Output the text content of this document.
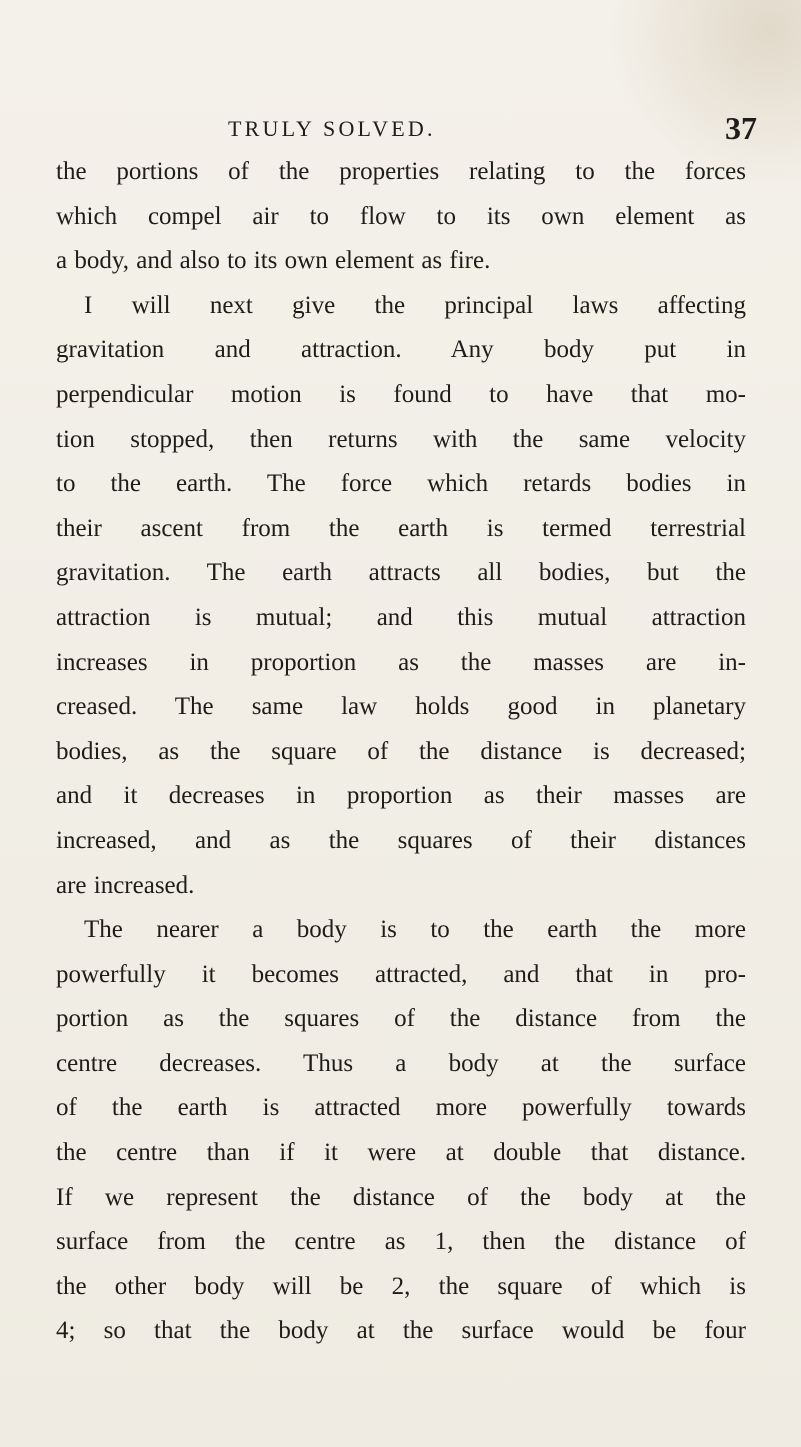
TRULY SOLVED.	37
the portions of the properties relating to the forces
which compel air to flow to its own element as
a body, and also to its own element as fire.
I will next give the principal laws affecting
gravitation and attraction. Any body put in
perpendicular motion is found to have that mo-
tion stopped, then returns with the same velocity
to the earth. The force which retards bodies in
their ascent from the earth is termed terrestrial
gravitation. The earth attracts all bodies, but the
attraction is mutual; and this mutual attraction
increases in proportion as the masses are in-
creased. The same law holds good in planetary
bodies, as the square of the distance is decreased;
and it decreases in proportion as their masses are
increased, and as the squares of their distances
are increased.
The nearer a body is to the earth the more
powerfully it becomes attracted, and that in pro-
portion as the squares of the distance from the
centre decreases. Thus a body at the surface
of the earth is attracted more powerfully towards
the centre than if it were at double that distance.
If we represent the distance of the body at the
surface from the centre as 1, then the distance of
the other body will be 2, the square of which is
4; so that the body at the surface would be four
